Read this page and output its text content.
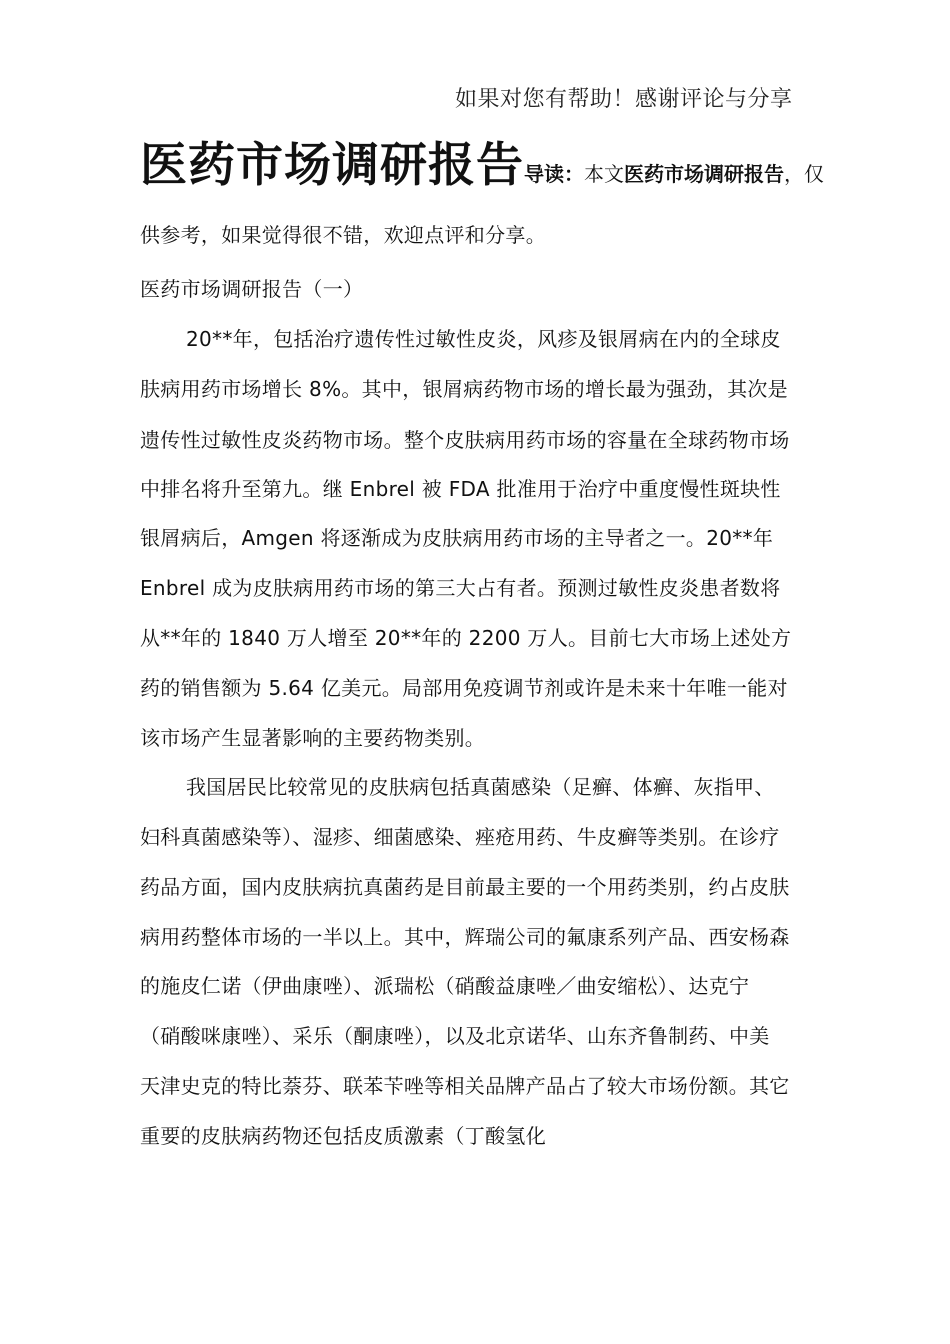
如果对您有帮助！感谢评论与分享
医药市场调研报告导读：本文医药市场调研报告，仅
供参考，如果觉得很不错，欢迎点评和分享。
医药市场调研报告（一）
20**年，包括治疗遗传性过敏性皮炎，风疹及银屑病在内的全球皮
肤病用药市场增长 8%。其中，银屑病药物市场的增长最为强劲，其次是
遗传性过敏性皮炎药物市场。整个皮肤病用药市场的容量在全球药物市场
中排名将升至第九。继 Enbrel 被 FDA 批准用于治疗中重度慢性斑块性
银屑病后，Amgen 将逐渐成为皮肤病用药市场的主导者之一。20**年
Enbrel 成为皮肤病用药市场的第三大占有者。预测过敏性皮炎患者数将
从**年的 1840 万人增至 20**年的 2200 万人。目前七大市场上述处方
药的销售额为 5.64 亿美元。局部用免疫调节剂或许是未来十年唯一能对
该市场产生显著影响的主要药物类别。
我国居民比较常见的皮肤病包括真菌感染（足癣、体癣、灰指甲、
妇科真菌感染等）、湿疹、细菌感染、痤疮用药、牛皮癣等类别。在诊疗
药品方面，国内皮肤病抗真菌药是目前最主要的一个用药类别，约占皮肤
病用药整体市场的一半以上。其中，辉瑞公司的氟康系列产品、西安杨森
的施皮仁诺（伊曲康唑）、派瑞松（硝酸益康唑／曲安缩松）、达克宁
（硝酸咪康唑）、采乐（酮康唑），以及北京诺华、山东齐鲁制药、中美
天津史克的特比萘芬、联苯苄唑等相关品牌产品占了较大市场份额。其它
重要的皮肤病药物还包括皮质激素（丁酸氢化
